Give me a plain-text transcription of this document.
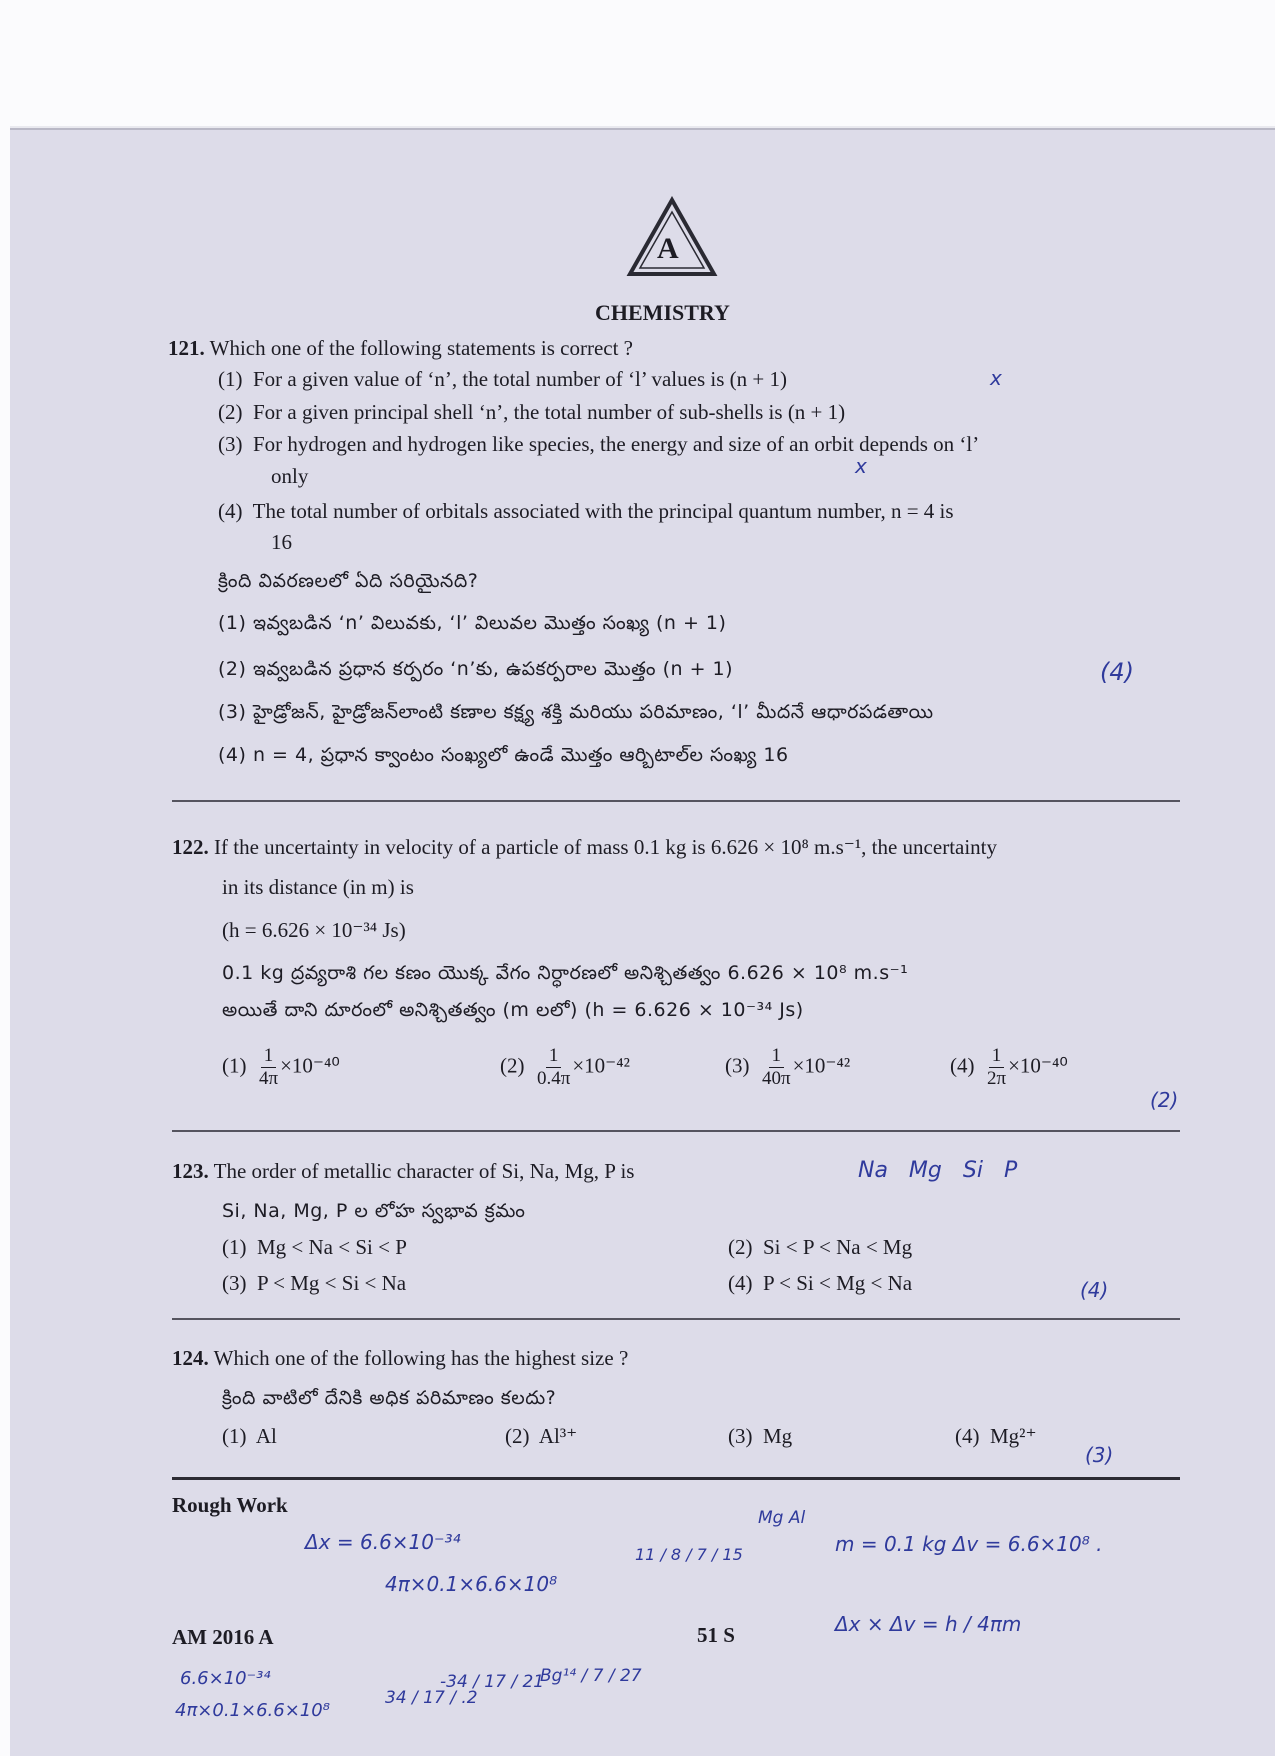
A
CHEMISTRY
121. Which one of the following statements is correct ?
(1) For a given value of ‘n’, the total number of ‘l’ values is (n + 1)	x
(2) For a given principal shell ‘n’, the total number of sub-shells is (n + 1)
(3) For hydrogen and hydrogen like species, the energy and size of an orbit depends on ‘l’
only	x
(4) The total number of orbitals associated with the principal quantum number, n = 4 is
16
క్రింది వివరణలలో ఏది సరియైనది?
(1) ఇవ్వబడిన ‘n’ విలువకు, ‘l’ విలువల మొత్తం సంఖ్య (n + 1)
(2) ఇవ్వబడిన ప్రధాన కర్పరం ‘n’కు, ఉపకర్పరాల మొత్తం (n + 1)	(4)
(3) హైడ్రోజన్, హైడ్రోజన్‌లాంటి కణాల కక్ష్య శక్తి మరియు పరిమాణం, ‘l’ మీదనే ఆధారపడతాయి
(4) n = 4, ప్రధాన క్వాంటం సంఖ్యలో ఉండే మొత్తం ఆర్బిటాల్‌ల సంఖ్య 16
122. If the uncertainty in velocity of a particle of mass 0.1 kg is 6.626 × 10⁸ m.s⁻¹, the uncertainty
in its distance (in m) is
(h = 6.626 × 10⁻³⁴ Js)
0.1 kg ద్రవ్యరాశి గల కణం యొక్క వేగం నిర్ధారణలో అనిశ్చితత్వం 6.626 × 10⁸ m.s⁻¹
అయితే దాని దూరంలో అనిశ్చితత్వం (m లలో) (h = 6.626 × 10⁻³⁴ Js)
$(1) \frac{1}{4\pi} \times 10^{-40}$	$(2) \frac{1}{0.4\pi} \times 10^{-42}$	$(3) \frac{1}{40\pi} \times 10^{-42}$	$(4) \frac{1}{2\pi} \times 10^{-40}$
(2)
123. The order of metallic character of Si, Na, Mg, P is	Na Mg Si P
Si, Na, Mg, P ల లోహ స్వభావ క్రమం
(1) Mg < Na < Si < P	(2) Si < P < Na < Mg
(3) P < Mg < Si < Na	(4) P < Si < Mg < Na	(4)
124. Which one of the following has the highest size ?
క్రింది వాటిలో దేనికి అధిక పరిమాణం కలదు?
(1) Al	(2) Al³⁺	(3) Mg	(4) Mg²⁺
(3)
Rough Work
Δx = 6.6×10⁻³⁴
4π×0.1×6.6×10⁸
Mg Al
m = 0.1 kg Δv = 6.6×10⁸ .
Δx × Δv = h / 4πm
11 / 8 / 7 / 15
AM 2016 A	51 S
6.6×10⁻³⁴
4π×0.1×6.6×10⁸
34 / 17 / .2
-34 / 17 / 21
Bg¹⁴ / 7 / 27
